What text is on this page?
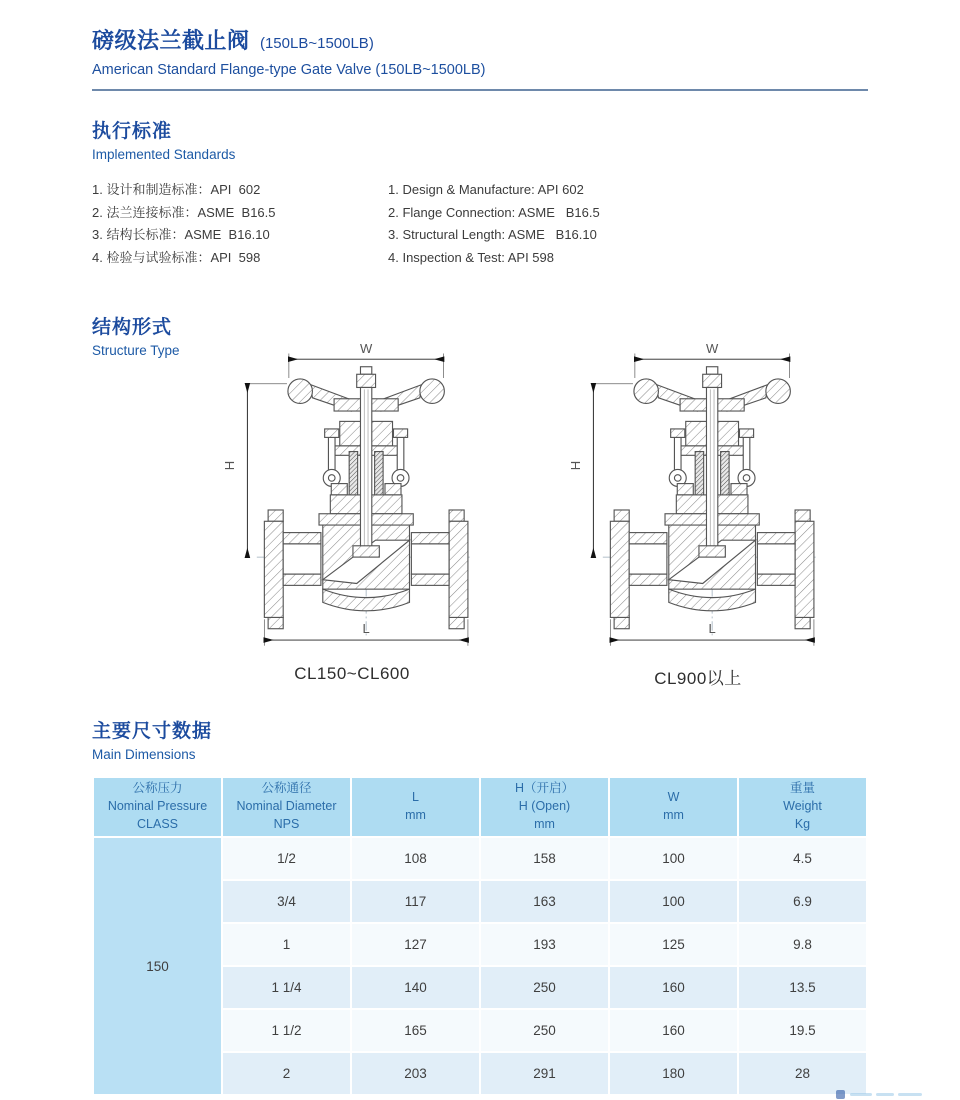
磅级法兰截止阀 (150LB~1500LB)
American Standard Flange-type Gate Valve (150LB~1500LB)
执行标准
Implemented Standards
1. 设计和制造标准：API  602
2. 法兰连接标准：ASME  B16.5
3. 结构长标准：ASME  B16.10
4. 检验与试验标准：API  598
1. Design & Manufacture: API 602
2. Flange Connection: ASME   B16.5
3. Structural Length: ASME   B16.10
4. Inspection & Test: API 598
结构形式
Structure Type	W
H
L
CL150~CL600
W
H
L
CL900以上
主要尺寸数据
Main Dimensions
公称压力
Nominal Pressure
CLASS

公称通径
Nominal Diameter
NPS

L
mm

H（开启）
H (Open)
mm

W
mm

重量
Weight
Kg

150	1/2	108	158	100	4.5
	3/4	117	163	100	6.9
	1	127	193	125	9.8
	1 1/4	140	250	160	13.5
	1 1/2	165	250	160	19.5
	2	203	291	180	28
